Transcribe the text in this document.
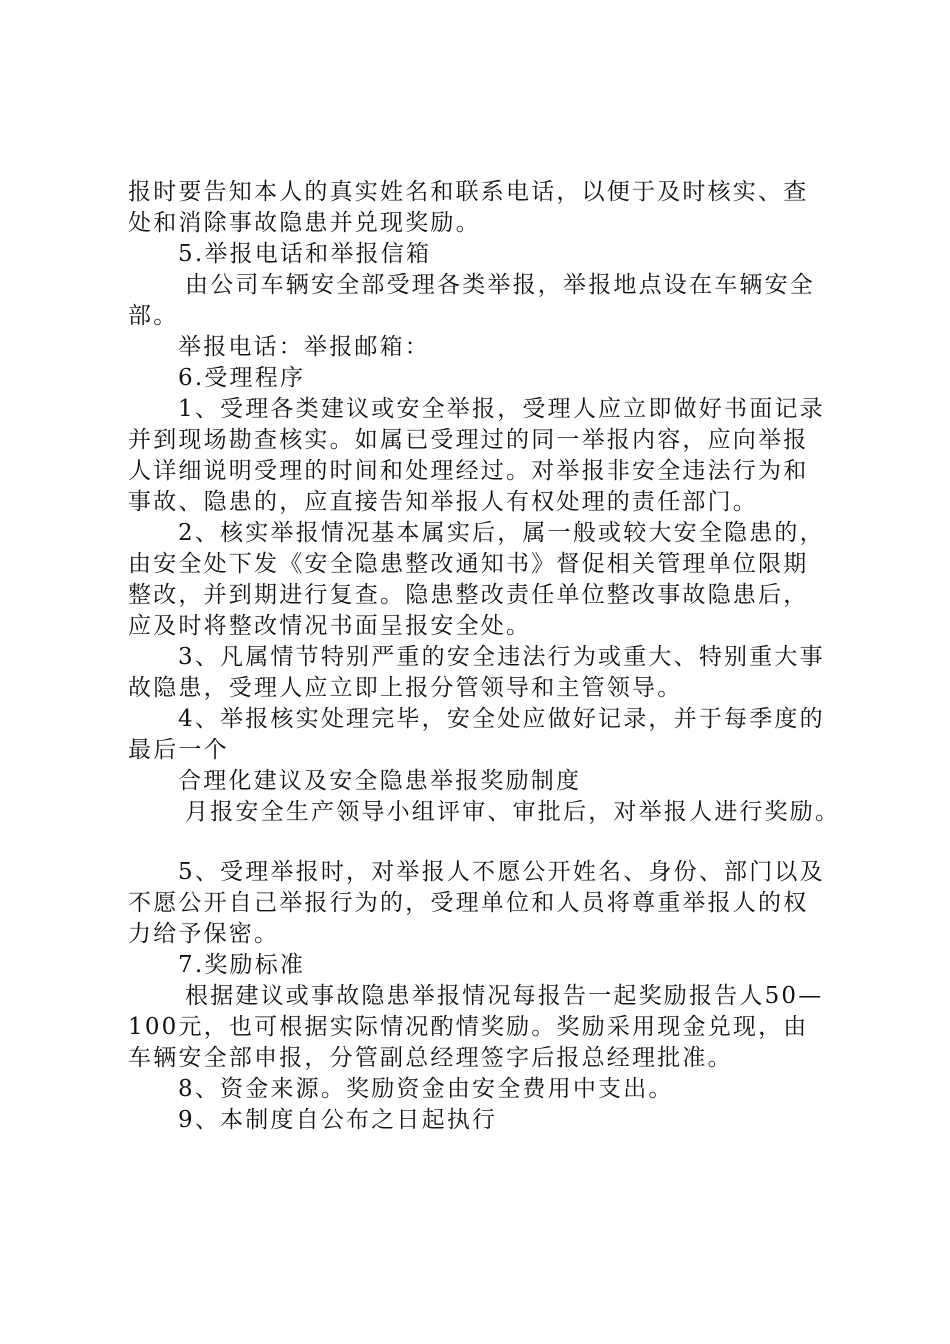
报时要告知本人的真实姓名和联系电话，以便于及时核实、查
处和消除事故隐患并兑现奖励。
5.举报电话和举报信箱
由公司车辆安全部受理各类举报，举报地点设在车辆安全
部。
举报电话：举报邮箱：
6.受理程序
1、受理各类建议或安全举报，受理人应立即做好书面记录
并到现场勘查核实。如属已受理过的同一举报内容，应向举报
人详细说明受理的时间和处理经过。对举报非安全违法行为和
事故、隐患的，应直接告知举报人有权处理的责任部门。
2、核实举报情况基本属实后，属一般或较大安全隐患的，
由安全处下发《安全隐患整改通知书》督促相关管理单位限期
整改，并到期进行复查。隐患整改责任单位整改事故隐患后，
应及时将整改情况书面呈报安全处。
3、凡属情节特别严重的安全违法行为或重大、特别重大事
故隐患，受理人应立即上报分管领导和主管领导。
4、举报核实处理完毕，安全处应做好记录，并于每季度的
最后一个
合理化建议及安全隐患举报奖励制度
月报安全生产领导小组评审、审批后，对举报人进行奖励。
5、受理举报时，对举报人不愿公开姓名、身份、部门以及
不愿公开自己举报行为的，受理单位和人员将尊重举报人的权
力给予保密。
7.奖励标准
根据建议或事故隐患举报情况每报告一起奖励报告人50—
100元，也可根据实际情况酌情奖励。奖励采用现金兑现，由
车辆安全部申报，分管副总经理签字后报总经理批准。
8、资金来源。奖励资金由安全费用中支出。
9、本制度自公布之日起执行
